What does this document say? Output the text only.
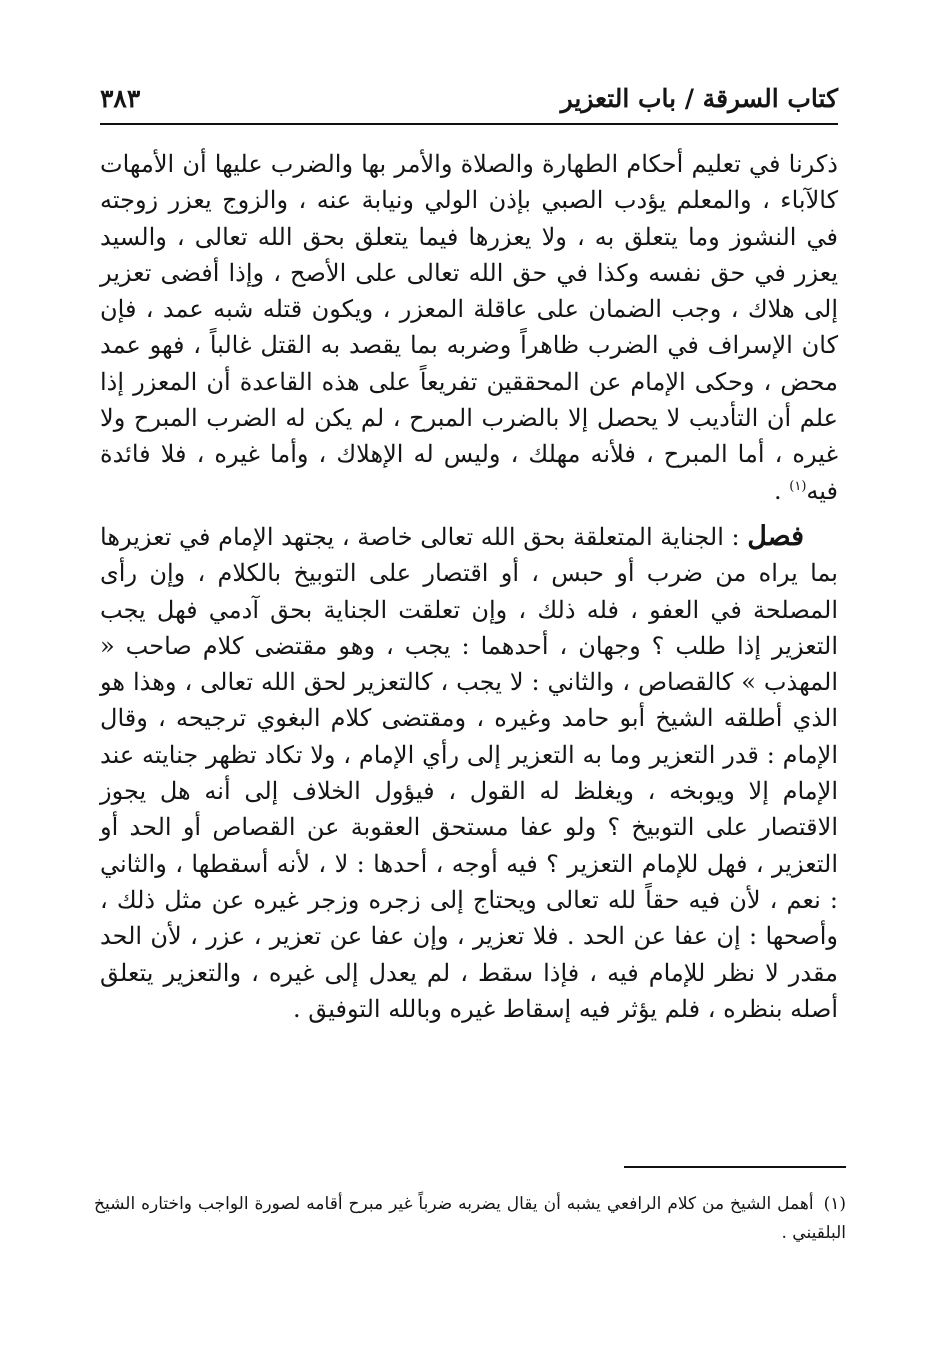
كتاب السرقة / باب التعزير
٣٨٣

ذكرنا في تعليم أحكام الطهارة والصلاة والأمر بها والضرب عليها أن الأمهات كالآباء ، والمعلم يؤدب الصبي بإذن الولي ونيابة عنه ، والزوج يعزر زوجته في النشوز وما يتعلق به ، ولا يعزرها فيما يتعلق بحق الله تعالى ، والسيد يعزر في حق نفسه وكذا في حق الله تعالى على الأصح ، وإذا أفضى تعزير إلى هلاك ، وجب الضمان على عاقلة المعزر ، ويكون قتله شبه عمد ، فإن كان الإسراف في الضرب ظاهراً وضربه بما يقصد به القتل غالباً ، فهو عمد محض ، وحكى الإمام عن المحققين تفريعاً على هذه القاعدة أن المعزر إذا علم أن التأديب لا يحصل إلا بالضرب المبرح ، لم يكن له الضرب المبرح ولا غيره ، أما المبرح ، فلأنه مهلك ، وليس له الإهلاك ، وأما غيره ، فلا فائدة فيه$^{(١)}$ .

فصل : الجناية المتعلقة بحق الله تعالى خاصة ، يجتهد الإمام في تعزيرها بما يراه من ضرب أو حبس ، أو اقتصار على التوبيخ بالكلام ، وإن رأى المصلحة في العفو ، فله ذلك ، وإن تعلقت الجناية بحق آدمي فهل يجب التعزير إذا طلب ؟ وجهان ، أحدهما : يجب ، وهو مقتضى كلام صاحب « المهذب » كالقصاص ، والثاني : لا يجب ، كالتعزير لحق الله تعالى ، وهذا هو الذي أطلقه الشيخ أبو حامد وغيره ، ومقتضى كلام البغوي ترجيحه ، وقال الإمام : قدر التعزير وما به التعزير إلى رأي الإمام ، ولا تكاد تظهر جنايته عند الإمام إلا ويوبخه ، ويغلظ له القول ، فيؤول الخلاف إلى أنه هل يجوز الاقتصار على التوبيخ ؟ ولو عفا مستحق العقوبة عن القصاص أو الحد أو التعزير ، فهل للإمام التعزير ؟ فيه أوجه ، أحدها : لا ، لأنه أسقطها ، والثاني : نعم ، لأن فيه حقاً لله تعالى ويحتاج إلى زجره وزجر غيره عن مثل ذلك ، وأصحها : إن عفا عن الحد . فلا تعزير ، وإن عفا عن تعزير ، عزر ، لأن الحد مقدر لا نظر للإمام فيه ، فإذا سقط ، لم يعدل إلى غيره ، والتعزير يتعلق أصله بنظره ، فلم يؤثر فيه إسقاط غيره وبالله التوفيق .

(١)أهمل الشيخ من كلام الرافعي يشبه أن يقال يضربه ضرباً غير مبرح أقامه لصورة الواجب واختاره الشيخ البلقيني .
